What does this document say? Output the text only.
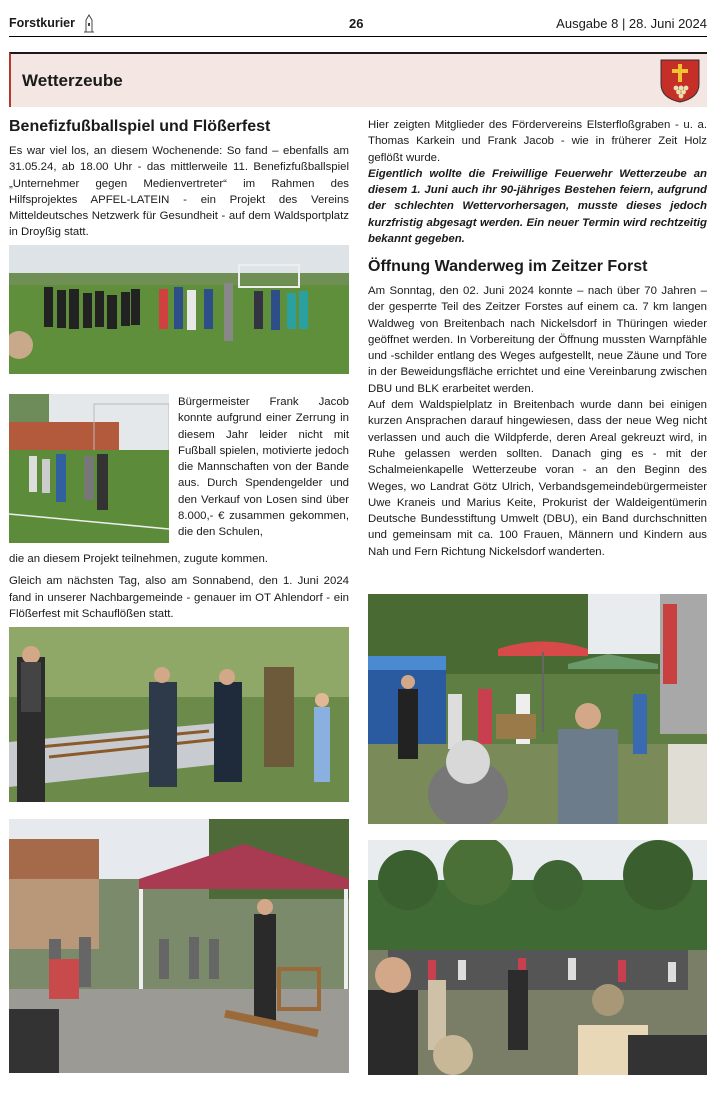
Forstkurier	26	Ausgabe 8 | 28. Juni 2024
Wetterzeube
Benefizfußballspiel und Flößerfest

Es war viel los, an diesem Wochenende: So fand – ebenfalls am 31.05.24, ab 18.00 Uhr - das mittlerweile 11. Benefizfußballspiel „Unternehmer gegen Medienvertreter“ im Rahmen des Hilfsprojektes APFEL-LATEIN - ein Projekt des Vereins Mitteldeutsches Netzwerk für Gesundheit - auf dem Waldsportplatz in Droyßig statt.

Bürgermeister Frank Jacob konnte aufgrund einer Zerrung in diesem Jahr leider nicht mit Fußball spielen, motivierte jedoch die Mannschaften von der Bande aus. Durch Spendengelder und den Verkauf von Losen sind über 8.000,- € zusammen gekommen, die den Schulen,

die an diesem Projekt teilnehmen, zugute kommen.

Gleich am nächsten Tag, also am Sonnabend, den 1. Juni 2024 fand in unserer Nachbargemeinde - genauer im OT Ahlendorf - ein Flößerfest mit Schauflößen statt.

Hier zeigten Mitglieder des Fördervereins Elsterfloßgraben - u. a. Thomas Karkein und Frank Jacob - wie in früherer Zeit Holz geflößt wurde.

Eigentlich wollte die Freiwillige Feuerwehr Wetterzeube an diesem 1. Juni auch ihr 90-jähriges Bestehen feiern, aufgrund der schlechten Wettervorhersagen, musste dieses jedoch kurzfristig abgesagt werden. Ein neuer Termin wird rechtzeitig bekannt gegeben.

Öffnung Wanderweg im Zeitzer Forst

Am Sonntag, den 02. Juni 2024 konnte – nach über 70 Jahren – der gesperrte Teil des Zeitzer Forstes auf einem ca. 7 km langen Waldweg von Breitenbach nach Nickelsdorf in Thüringen wieder geöffnet werden. In Vorbereitung der Öffnung mussten Warnpfähle und -schilder entlang des Weges aufgestellt, neue Zäune und Tore in der Beweidungsfläche errichtet und eine Vereinbarung zwischen DBU und BLK erarbeitet werden.

Auf dem Waldspielplatz in Breitenbach wurde dann bei einigen kurzen Ansprachen darauf hingewiesen, dass der neue Weg nicht verlassen und auch die Wildpferde, deren Areal gekreuzt wird, in Ruhe gelassen werden sollten. Danach ging es - mit der Schalmeienkapelle Wetterzeube voran - an den Beginn des Weges, wo Landrat Götz Ulrich, Verbandsgemeindebürgermeister Uwe Kraneis und Marius Keite, Prokurist der Waldeigentümerin Deutsche Bundesstiftung Umwelt (DBU), ein Band durchschnitten und gemeinsam mit ca. 100 Frauen, Männern und Kindern aus Nah und Fern Richtung Nickelsdorf wanderten.
